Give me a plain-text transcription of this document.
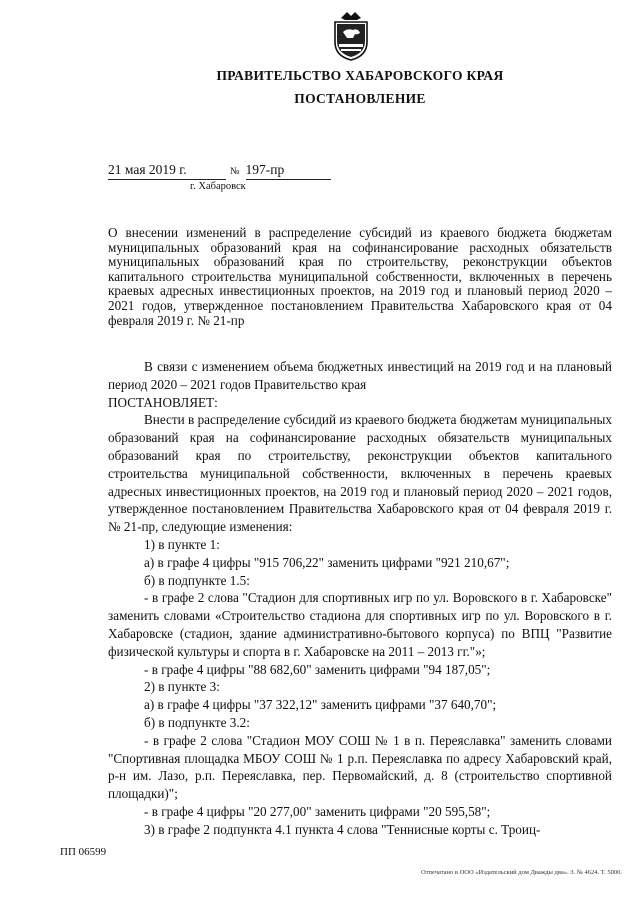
ПРАВИТЕЛЬСТВО ХАБАРОВСКОГО КРАЯ
ПОСТАНОВЛЕНИЕ
21 мая 2019 г.	№ 197-пр
г. Хабаровск
О внесении изменений в распределение субсидий из краевого бюджета бюджетам муниципальных образований края на софинансирование расходных обязательств муниципальных образований края по строительству, реконструкции объектов капитального строительства муниципальной собственности, включенных в перечень краевых адресных инвестиционных проектов, на 2019 год и плановый период 2020 – 2021 годов, утвержденное постановлением Правительства Хабаровского края от 04 февраля 2019 г. № 21-пр

В связи с изменением объема бюджетных инвестиций на 2019 год и на плановый период 2020 – 2021 годов Правительство края

ПОСТАНОВЛЯЕТ:

Внести в распределение субсидий из краевого бюджета бюджетам муниципальных образований края на софинансирование расходных обязательств муниципальных образований края по строительству, реконструкции объектов капитального строительства муниципальной собственности, включенных в перечень краевых адресных инвестиционных проектов, на 2019 год и плановый период 2020 – 2021 годов, утвержденное постановлением Правительства Хабаровского края от 04 февраля 2019 г. № 21-пр, следующие изменения:

1) в пункте 1:

а) в графе 4 цифры "915 706,22" заменить цифрами "921 210,67";

б) в подпункте 1.5:

- в графе 2 слова "Стадион для спортивных игр по ул. Воровского в г. Хабаровске" заменить словами «Строительство стадиона для спортивных игр по ул. Воровского в г. Хабаровске (стадион, здание административно-бытового корпуса) по ВПЦ "Развитие физической культуры и спорта в г. Хабаровске на 2011 – 2013 гг."»;

- в графе 4 цифры "88 682,60" заменить цифрами "94 187,05";

2) в пункте 3:

а) в графе 4 цифры "37 322,12" заменить цифрами "37 640,70";

б) в подпункте 3.2:

- в графе 2 слова "Стадион МОУ СОШ № 1 в п. Переяславка" заменить словами "Спортивная площадка МБОУ СОШ № 1 р.п. Переяславка по адресу Хабаровский край, р-н им. Лазо, р.п. Переяславка, пер. Первомайский, д. 8 (строительство спортивной площадки)";

- в графе 4 цифры "20 277,00" заменить цифрами "20 595,58";

3) в графе 2 подпункта 4.1 пункта 4 слова "Теннисные корты с. Троиц-

ПП 06599
Отпечатано в ООО «Издательский дом Дважды два». З. № 4624. Т. 5000.
